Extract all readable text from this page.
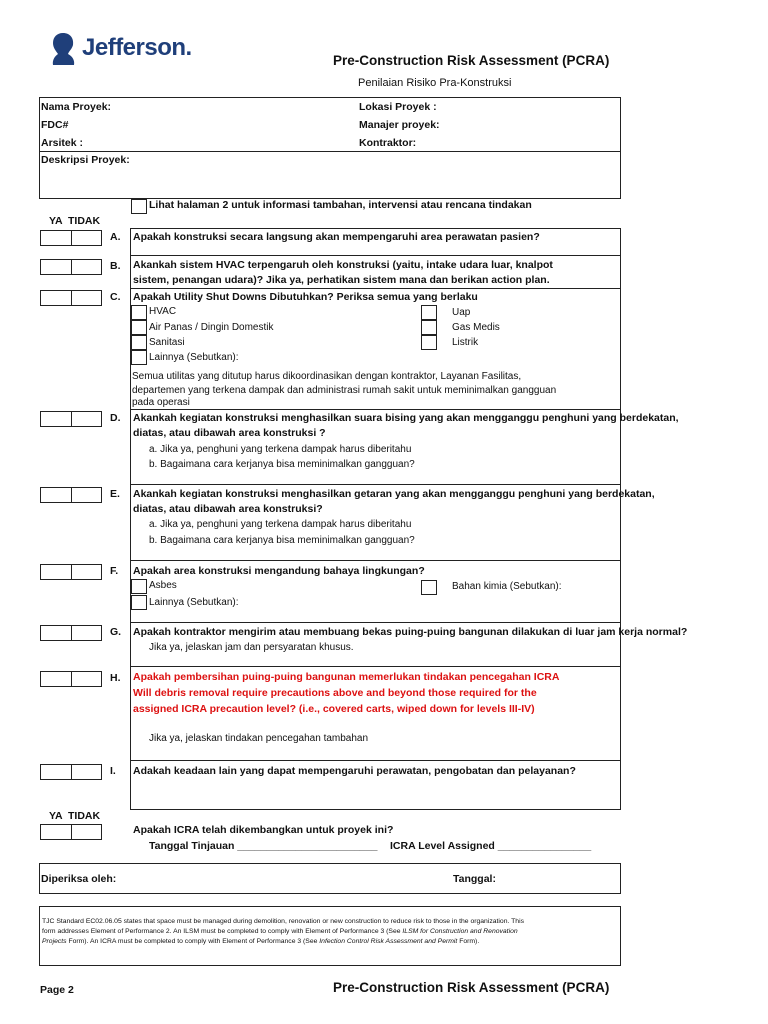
Jefferson.	Pre-Construction Risk Assessment (PCRA)
Penilaian Risiko Pra-Konstruksi
Nama Proyek:	Lokasi Proyek :
FDC#	Manajer proyek:
Arsitek :	Kontraktor:
Deskripsi Proyek:
Lihat halaman 2 untuk informasi tambahan, intervensi atau rencana tindakan
YA TIDAK
A. Apakah konstruksi secara langsung akan mempengaruhi area perawatan pasien?
B. Akankah sistem HVAC terpengaruh oleh konstruksi (yaitu, intake udara luar, knalpot
sistem, penangan udara)? Jika ya, perhatikan sistem mana dan berikan action plan.
C. Apakah Utility Shut Downs Dibutuhkan? Periksa semua yang berlaku
HVAC
Air Panas / Dingin Domestik
Sanitasi
Lainnya (Sebutkan):
Uap
Gas Medis
Listrik
Semua utilitas yang ditutup harus dikoordinasikan dengan kontraktor, Layanan Fasilitas,
departemen yang terkena dampak dan administrasi rumah sakit untuk meminimalkan gangguan
pada operasi
D. Akankah kegiatan konstruksi menghasilkan suara bising yang akan mengganggu penghuni yang berdekatan,
diatas, atau dibawah area konstruksi ?
a. Jika ya, penghuni yang terkena dampak harus diberitahu
b. Bagaimana cara kerjanya bisa meminimalkan gangguan?
E. Akankah kegiatan konstruksi menghasilkan getaran yang akan mengganggu penghuni yang berdekatan,
diatas, atau dibawah area konstruksi?
a. Jika ya, penghuni yang terkena dampak harus diberitahu
b. Bagaimana cara kerjanya bisa meminimalkan gangguan?
F. Apakah area konstruksi mengandung bahaya lingkungan?
Asbes
Lainnya (Sebutkan):
Bahan kimia (Sebutkan):
G. Apakah kontraktor mengirim atau membuang bekas puing-puing bangunan dilakukan di luar jam kerja normal?
Jika ya, jelaskan jam dan persyaratan khusus.
H. Apakah pembersihan puing-puing bangunan memerlukan tindakan pencegahan ICRA
Will debris removal require precautions above and beyond those required for the
assigned ICRA precaution level? (i.e., covered carts, wiped down for levels III-IV)
Jika ya, jelaskan tindakan pencegahan tambahan
I. Adakah keadaan lain yang dapat mempengaruhi perawatan, pengobatan dan pelayanan?
YA TIDAK
Apakah ICRA telah dikembangkan untuk proyek ini?
Tanggal Tinjauan ________________________ ICRA Level Assigned ________________
Diperiksa oleh:	Tanggal:
TJC Standard EC02.06.05 states that space must be managed during demolition, renovation or new construction to reduce risk to those in the organization. This
form addresses Element of Performance 2. An ILSM must be completed to comply with Element of Performance 3 (See ILSM for Construction and Renovation
Projects Form). An ICRA must be completed to comply with Element of Performance 3 (See Infection Control Risk Assessment and Permit Form).
Page 2	Pre-Construction Risk Assessment (PCRA)
